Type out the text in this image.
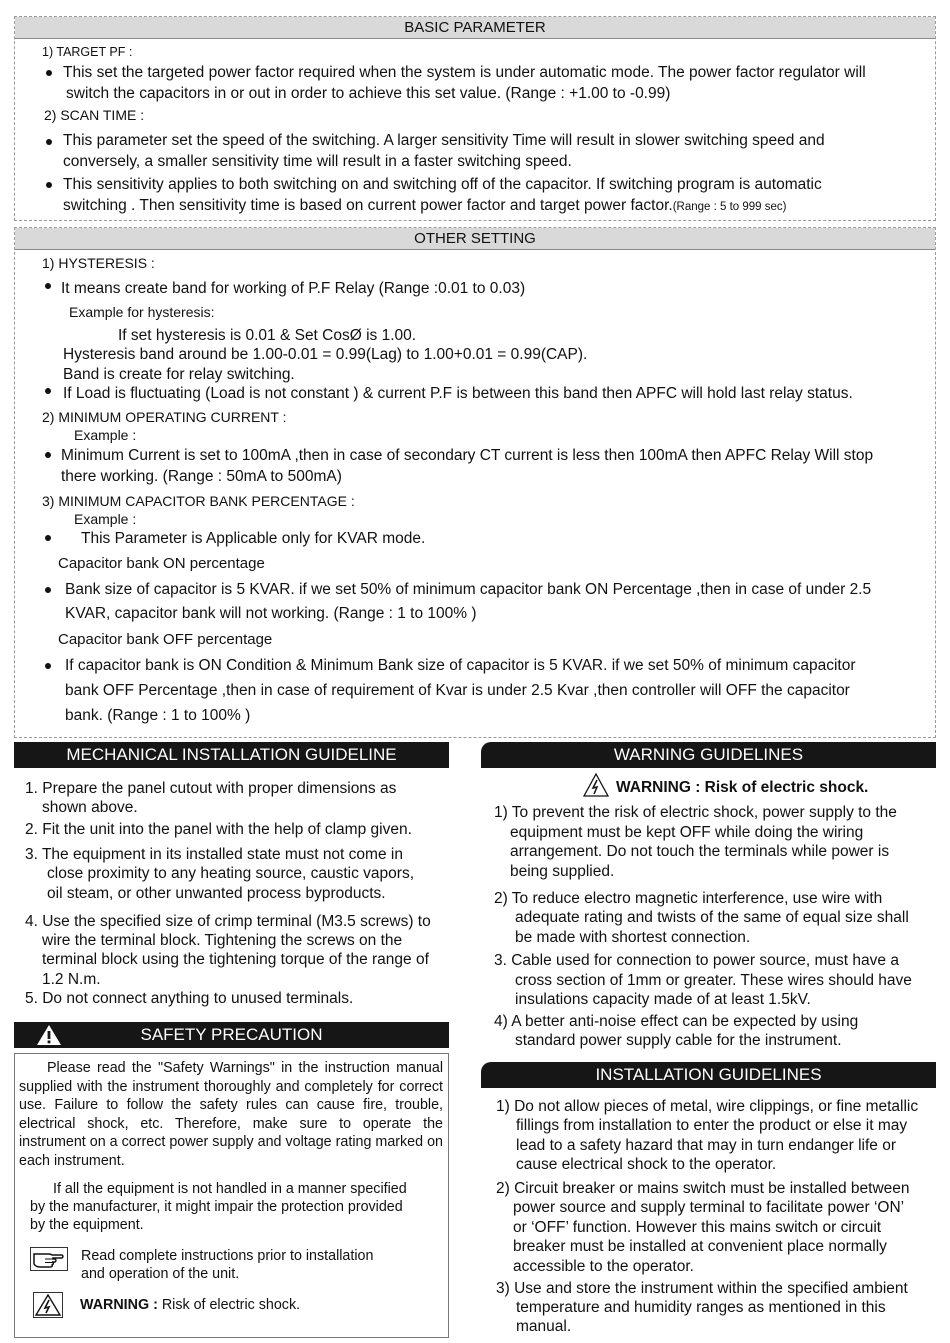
BASIC PARAMETER
1) TARGET PF :
This set the targeted power factor required when the system is under automatic mode. The power factor regulator will
switch the capacitors in or out in order to achieve this set value. (Range : +1.00 to -0.99)
2) SCAN TIME :
This parameter set the speed of the switching. A larger sensitivity Time will result in slower switching speed and
conversely, a smaller sensitivity time will result in a faster switching speed.
This sensitivity applies to both switching on and switching off of the capacitor. If switching program is automatic
switching . Then sensitivity time is based on current power factor and target power factor.(Range : 5 to 999 sec)
OTHER SETTING
1) HYSTERESIS :
It means create band for working of P.F Relay (Range :0.01 to 0.03)
Example for hysteresis:
If set hysteresis is 0.01 & Set CosØ is 1.00.
Hysteresis band around be 1.00-0.01 = 0.99(Lag) to 1.00+0.01 = 0.99(CAP).
Band is create for relay switching.
If Load is fluctuating (Load is not constant ) & current P.F is between this band then APFC will hold last relay status.
2) MINIMUM OPERATING CURRENT :
Example :
Minimum Current is set to 100mA ,then in case of secondary CT current is less then 100mA then APFC Relay Will stop
there working. (Range : 50mA to 500mA)
3) MINIMUM CAPACITOR BANK PERCENTAGE :
Example :
This Parameter is Applicable only for KVAR mode.
Capacitor bank ON percentage
Bank size of capacitor is 5 KVAR. if we set 50% of minimum capacitor bank ON Percentage ,then in case of under 2.5
KVAR, capacitor bank will not working. (Range : 1 to 100% )
Capacitor bank OFF percentage
If capacitor bank is ON Condition & Minimum Bank size of capacitor is 5 KVAR. if we set 50% of minimum capacitor
bank OFF Percentage ,then in case of requirement of Kvar is under 2.5 Kvar ,then controller will OFF the capacitor
bank. (Range : 1 to 100% )
MECHANICAL INSTALLATION GUIDELINE
1. Prepare the panel cutout with proper dimensions as
shown above.
2. Fit the unit into the panel with the help of clamp given.
3. The equipment in its installed state must not come in
close proximity to any heating source, caustic vapors,
oil steam, or other unwanted process byproducts.
4. Use the specified size of crimp terminal (M3.5 screws) to
wire the terminal block. Tightening the screws on the
terminal block using the tightening torque of the range of
1.2 N.m.
5. Do not connect anything to unused terminals.
SAFETY PRECAUTION
Please read the "Safety Warnings" in the instruction manual supplied with the instrument thoroughly and completely for correct use. Failure to follow the safety rules can cause fire, trouble, electrical shock, etc. Therefore, make sure to operate the instrument on a correct power supply and voltage rating marked on each instrument.
If all the equipment is not handled in a manner specified
by the manufacturer, it might impair the protection provided
by the equipment.
Read complete instructions prior to installation
and operation of the unit.
WARNING : Risk of electric shock.
WARNING GUIDELINES
WARNING : Risk of electric shock.
1) To prevent the risk of electric shock, power supply to the
equipment must be kept OFF while doing the wiring
arrangement. Do not touch the terminals while power is
being supplied.
2) To reduce electro magnetic interference, use wire with
adequate rating and twists of the same of equal size shall
be made with shortest connection.
3. Cable used for connection to power source, must have a
cross section of 1mm or greater. These wires should have
insulations capacity made of at least 1.5kV.
4) A better anti-noise effect can be expected by using
standard power supply cable for the instrument.
INSTALLATION GUIDELINES
1) Do not allow pieces of metal, wire clippings, or fine metallic
fillings from installation to enter the product or else it may
lead to a safety hazard that may in turn endanger life or
cause electrical shock to the operator.
2) Circuit breaker or mains switch must be installed between
power source and supply terminal to facilitate power ‘ON’
or ‘OFF’ function. However this mains switch or circuit
breaker must be installed at convenient place normally
accessible to the operator.
3) Use and store the instrument within the specified ambient
temperature and humidity ranges as mentioned in this
manual.
